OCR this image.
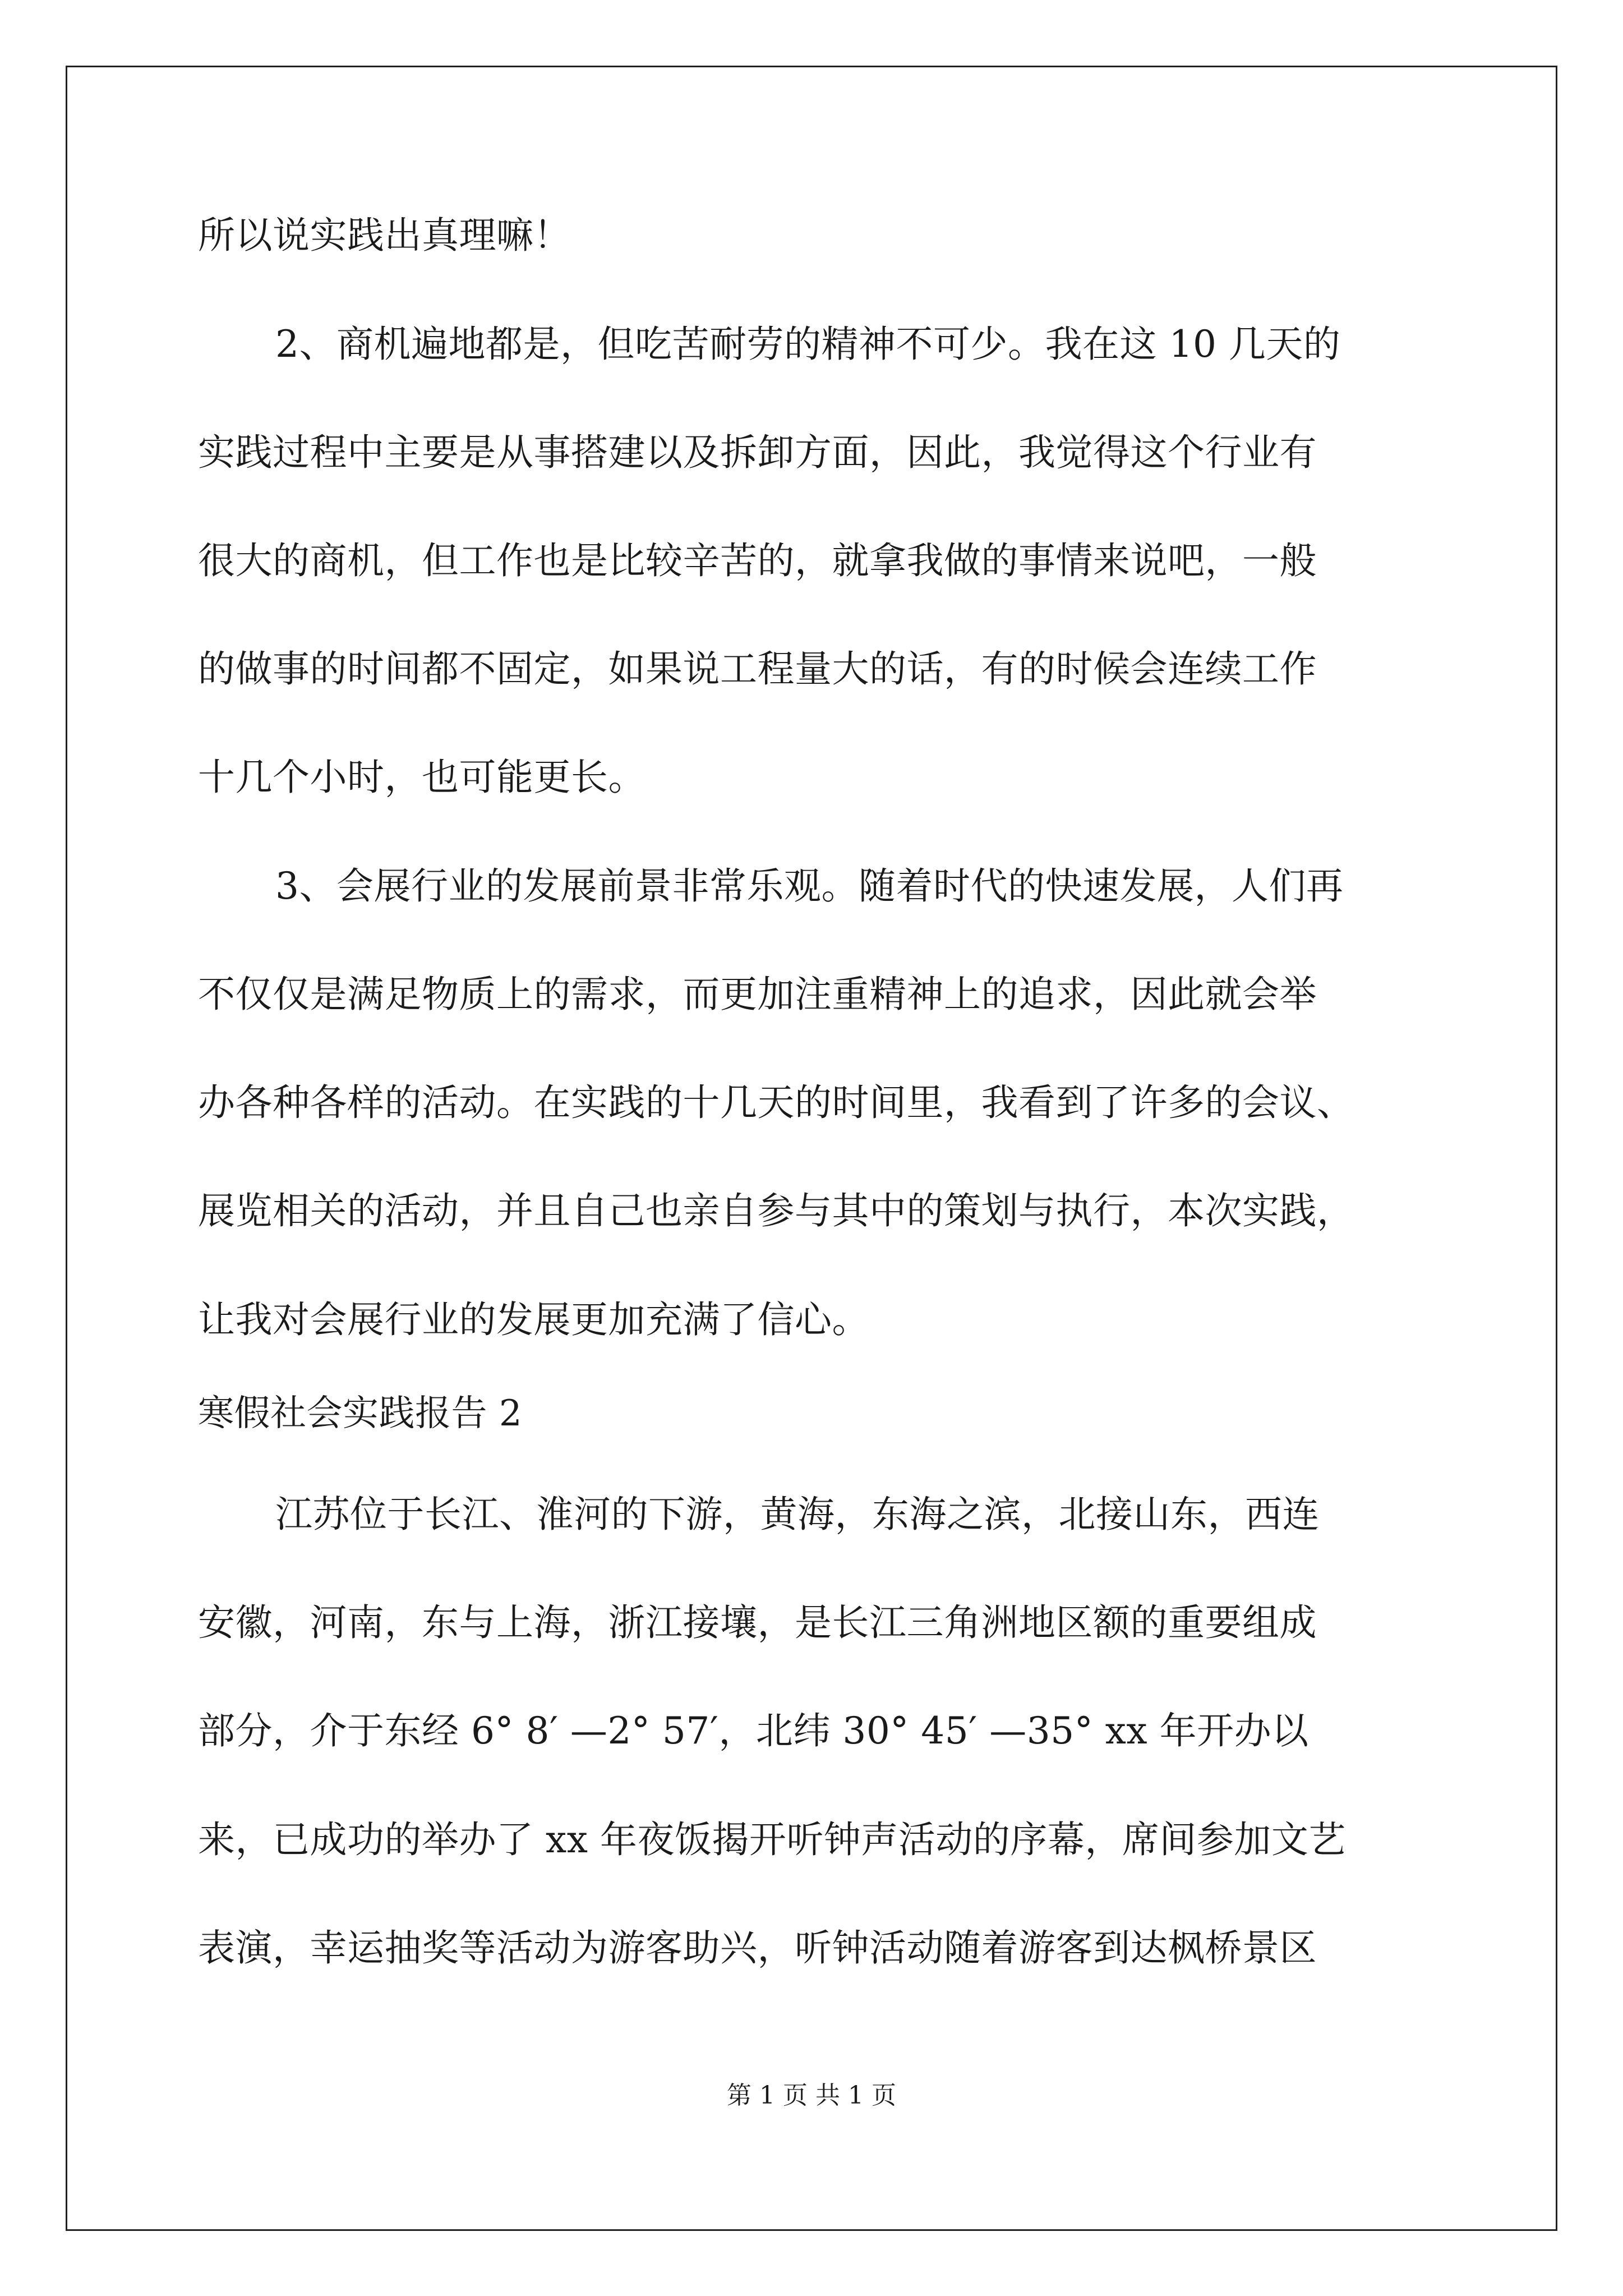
所以说实践出真理嘛！
2、商机遍地都是，但吃苦耐劳的精神不可少。我在这 10 几天的
实践过程中主要是从事搭建以及拆卸方面，因此，我觉得这个行业有
很大的商机，但工作也是比较辛苦的，就拿我做的事情来说吧，一般
的做事的时间都不固定，如果说工程量大的话，有的时候会连续工作
十几个小时，也可能更长。
3、会展行业的发展前景非常乐观。随着时代的快速发展，人们再
不仅仅是满足物质上的需求，而更加注重精神上的追求，因此就会举
办各种各样的活动。在实践的十几天的时间里，我看到了许多的会议、
展览相关的活动，并且自己也亲自参与其中的策划与执行，本次实践，
让我对会展行业的发展更加充满了信心。
寒假社会实践报告 2
江苏位于长江、淮河的下游，黄海，东海之滨，北接山东，西连
安徽，河南，东与上海，浙江接壤，是长江三角洲地区额的重要组成
部分，介于东经 6° 8′ —2° 57′，北纬 30° 45′ —35° xx 年开办以
来，已成功的举办了 xx 年夜饭揭开听钟声活动的序幕，席间参加文艺
表演，幸运抽奖等活动为游客助兴，听钟活动随着游客到达枫桥景区
第 1 页 共 1 页
